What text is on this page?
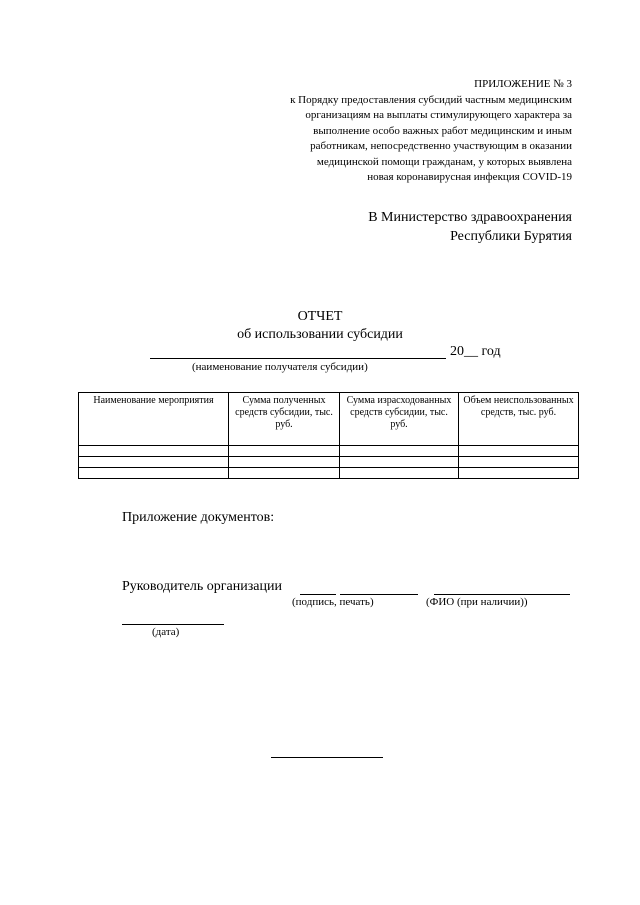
ПРИЛОЖЕНИЕ № 3
к Порядку предоставления субсидий частным медицинским
организациям на выплаты стимулирующего характера за
выполнение особо важных работ медицинским и иным
работникам, непосредственно участвующим в оказании
медицинской помощи гражданам, у которых выявлена
новая коронавирусная инфекция COVID-19
В Министерство здравоохранения
Республики Бурятия
ОТЧЕТ
об использовании субсидии
20__ год
(наименование получателя субсидии)
Наименование мероприятия	Сумма полученных средств субсидии, тыс. руб.	Сумма израсходованных средств субсидии, тыс. руб.	Объем неиспользованных средств, тыс. руб.

Приложение документов:
Руководитель организации
(подпись, печать)	(ФИО (при наличии))
(дата)
